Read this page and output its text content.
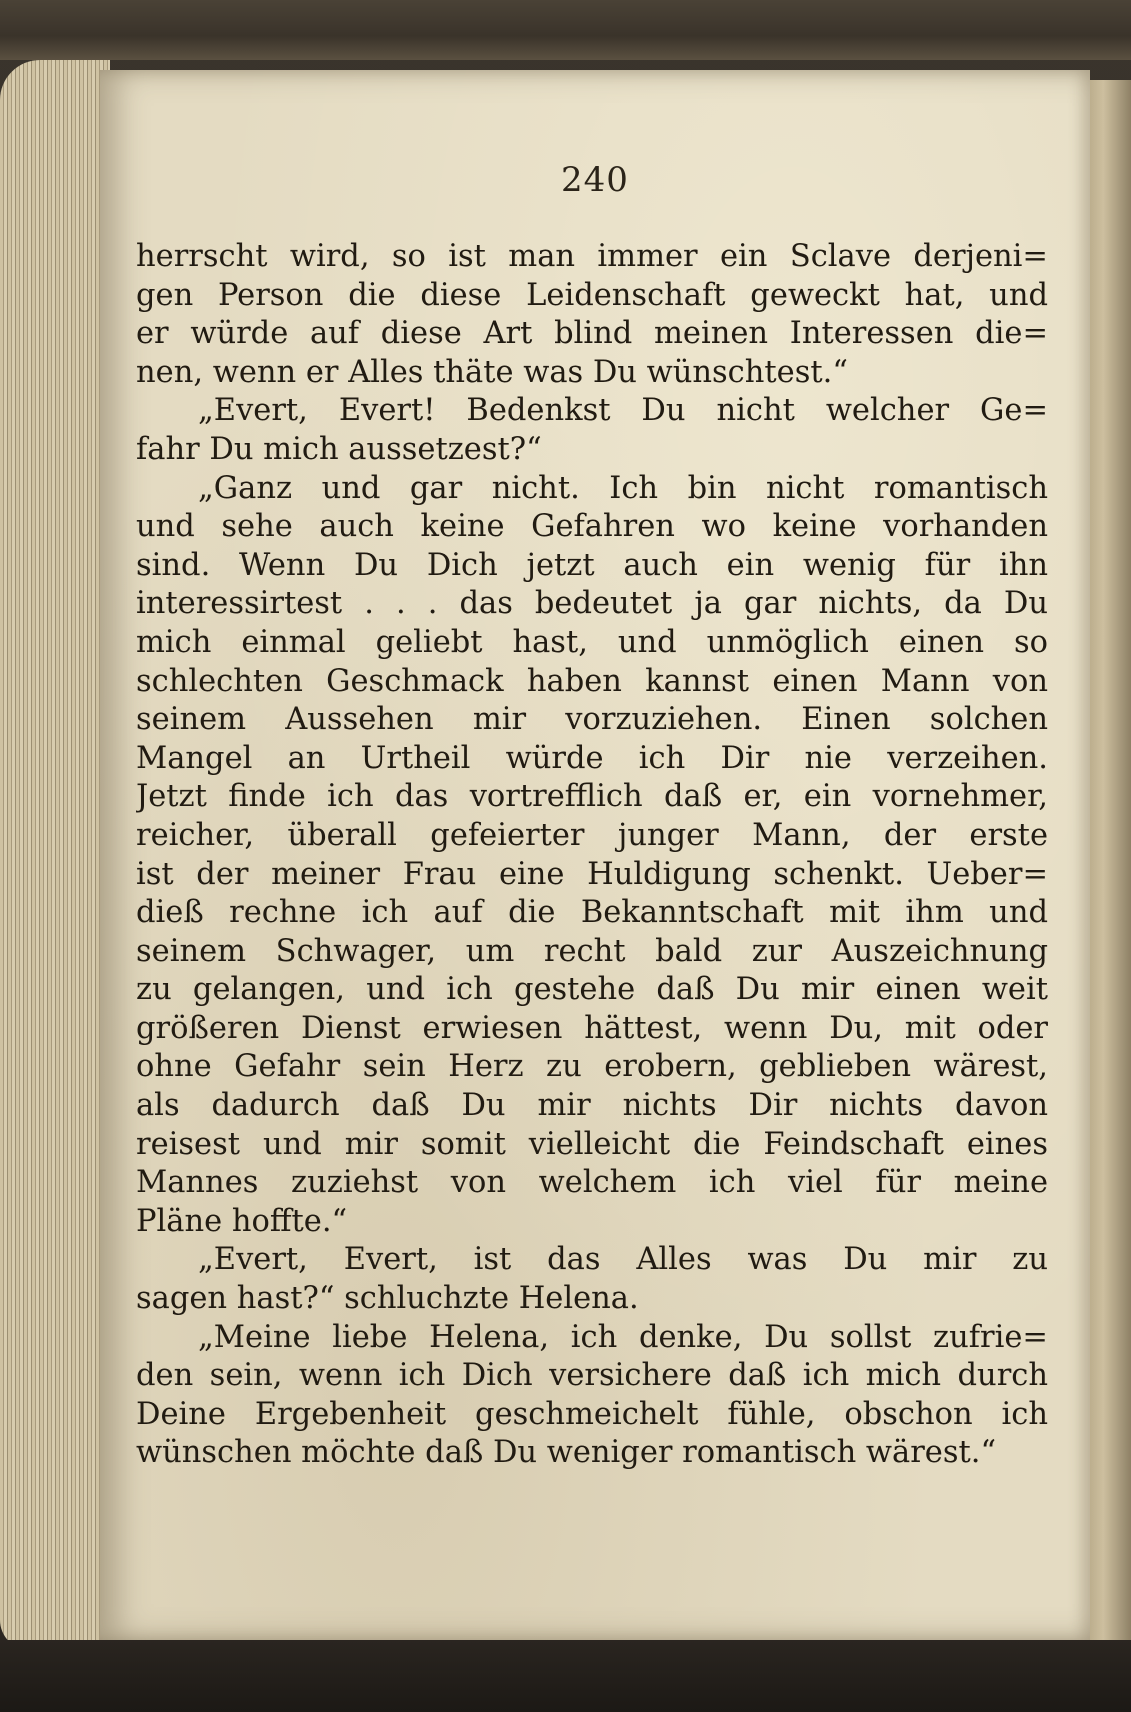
240
herrscht wird, so ist man immer ein Sclave derjeni=
gen Person die diese Leidenschaft geweckt hat, und
er würde auf diese Art blind meinen Interessen die=
nen, wenn er Alles thäte was Du wünschtest.“
„Evert, Evert! Bedenkst Du nicht welcher Ge=
fahr Du mich aussetzest?“
„Ganz und gar nicht. Ich bin nicht romantisch
und sehe auch keine Gefahren wo keine vorhanden
sind. Wenn Du Dich jetzt auch ein wenig für ihn
interessirtest . . . das bedeutet ja gar nichts, da Du
mich einmal geliebt hast, und unmöglich einen so
schlechten Geschmack haben kannst einen Mann von
seinem Aussehen mir vorzuziehen. Einen solchen
Mangel an Urtheil würde ich Dir nie verzeihen.
Jetzt finde ich das vortrefflich daß er, ein vornehmer,
reicher, überall gefeierter junger Mann, der erste
ist der meiner Frau eine Huldigung schenkt. Ueber=
dieß rechne ich auf die Bekanntschaft mit ihm und
seinem Schwager, um recht bald zur Auszeichnung
zu gelangen, und ich gestehe daß Du mir einen weit
größeren Dienst erwiesen hättest, wenn Du, mit oder
ohne Gefahr sein Herz zu erobern, geblieben wärest,
als dadurch daß Du mir nichts Dir nichts davon
reisest und mir somit vielleicht die Feindschaft eines
Mannes zuziehst von welchem ich viel für meine
Pläne hoffte.“
„Evert, Evert, ist das Alles was Du mir zu
sagen hast?“ schluchzte Helena.
„Meine liebe Helena, ich denke, Du sollst zufrie=
den sein, wenn ich Dich versichere daß ich mich durch
Deine Ergebenheit geschmeichelt fühle, obschon ich
wünschen möchte daß Du weniger romantisch wärest.“
